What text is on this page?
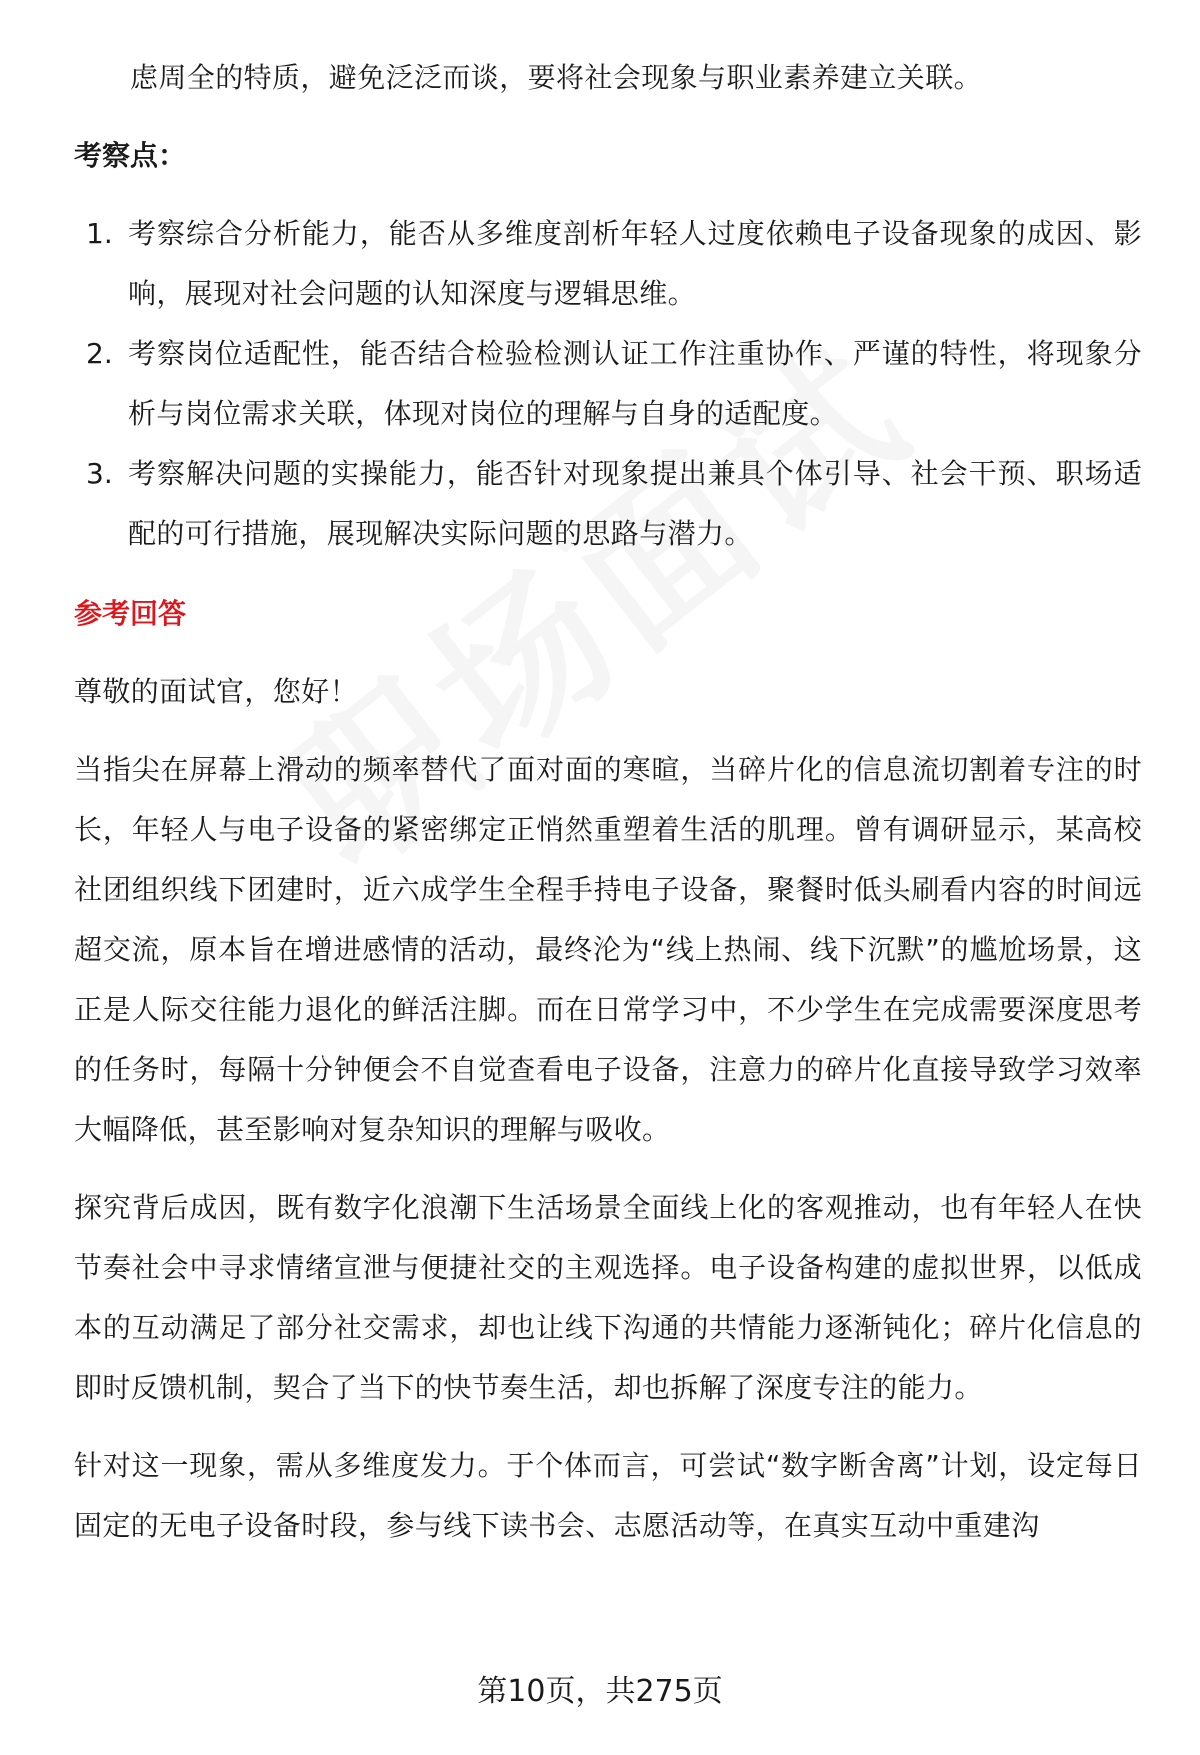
虑周全的特质，避免泛泛而谈，要将社会现象与职业素养建立关联。

考察点：
1. 考察综合分析能力，能否从多维度剖析年轻人过度依赖电子设备现象的成因、影响，展现对社会问题的认知深度与逻辑思维。
2. 考察岗位适配性，能否结合检验检测认证工作注重协作、严谨的特性，将现象分析与岗位需求关联，体现对岗位的理解与自身的适配度。
3. 考察解决问题的实操能力，能否针对现象提出兼具个体引导、社会干预、职场适配的可行措施，展现解决实际问题的思路与潜力。
参考回答

尊敬的面试官，您好！

当指尖在屏幕上滑动的频率替代了面对面的寒暄，当碎片化的信息流切割着专注的时长，年轻人与电子设备的紧密绑定正悄然重塑着生活的肌理。曾有调研显示，某高校社团组织线下团建时，近六成学生全程手持电子设备，聚餐时低头刷看内容的时间远超交流，原本旨在增进感情的活动，最终沦为“线上热闹、线下沉默”的尴尬场景，这正是人际交往能力退化的鲜活注脚。而在日常学习中，不少学生在完成需要深度思考的任务时，每隔十分钟便会不自觉查看电子设备，注意力的碎片化直接导致学习效率大幅降低，甚至影响对复杂知识的理解与吸收。

探究背后成因，既有数字化浪潮下生活场景全面线上化的客观推动，也有年轻人在快节奏社会中寻求情绪宣泄与便捷社交的主观选择。电子设备构建的虚拟世界，以低成本的互动满足了部分社交需求，却也让线下沟通的共情能力逐渐钝化；碎片化信息的即时反馈机制，契合了当下的快节奏生活，却也拆解了深度专注的能力。

针对这一现象，需从多维度发力。于个体而言，可尝试“数字断舍离”计划，设定每日固定的无电子设备时段，参与线下读书会、志愿活动等，在真实互动中重建沟

第10页，共275页
